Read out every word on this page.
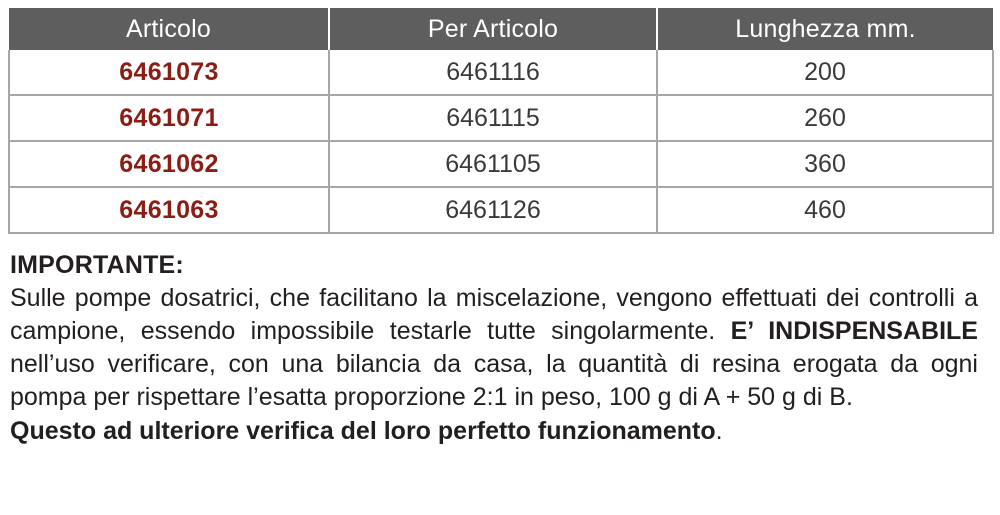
Articolo	Per Articolo	Lunghezza mm.
6461073	6461116	200
6461071	6461115	260
6461062	6461105	360
6461063	6461126	460
IMPORTANTE:

Sulle pompe dosatrici, che facilitano la miscelazione, vengono effettuati dei controlli a campione, essendo impossibile testarle tutte singolarmente. E’ INDISPENSABILE nell’uso verificare, con una bilancia da casa, la quantità di resina erogata da ogni pompa per rispettare l’esatta proporzione 2:1 in peso, 100 g di A + 50 g di B.

Questo ad ulteriore verifica del loro perfetto funzionamento.
